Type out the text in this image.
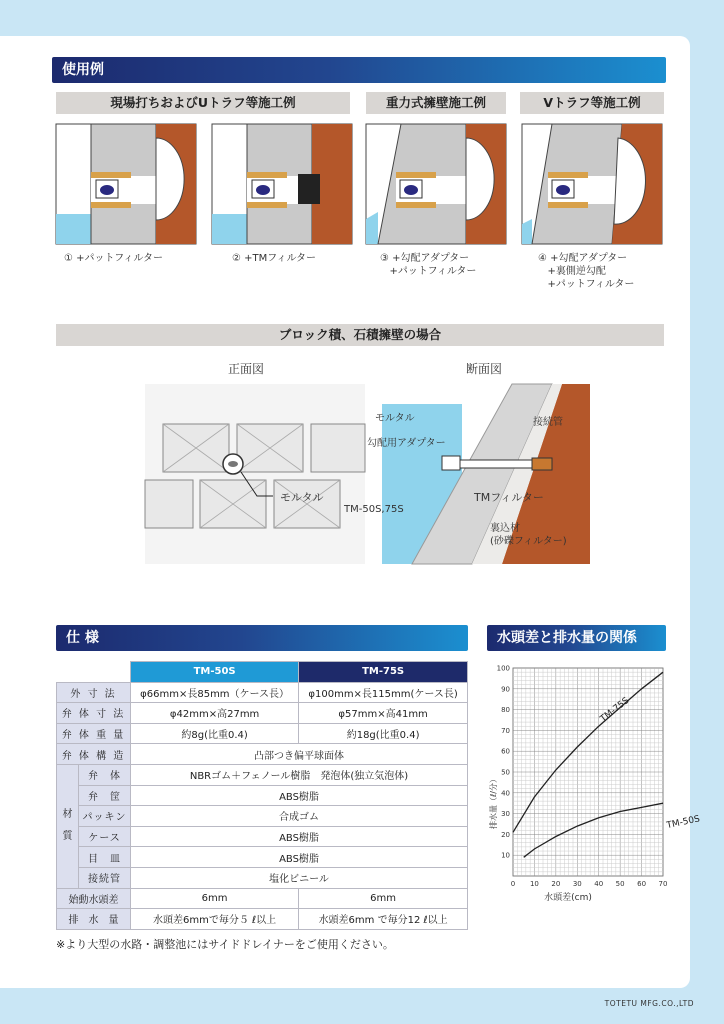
使用例
現場打ちおよびUトラフ等施工例	重力式擁壁施工例	Vトラフ等施工例
① +パットフィルター	② +TMフィルター	③ +勾配アダプター
+パットフィルター
④ +勾配アダプター
+裏側逆勾配
+パットフィルター
ブロック積、石積擁壁の場合
正面図	断面図
モルタル
モルタル
勾配用アダプター
TM-50S,75S
接続管
TMフィルター
裏込材
(砂礫フィルター)
仕 様	水頭差と排水量の関係
		TM-50S	TM-75S
外 寸 法		φ66mm×長85mm（ケース長）	φ100mm×長115mm(ケース長)
弁 体 寸 法		φ42mm×高27mm	φ57mm×高41mm
弁 体 重 量		約8g(比重0.4)	約18g(比重0.4)
弁 体 構 造		凸部つき偏平球面体	
材
質	弁　体	NBRゴム＋フェノール樹脂　発泡体(独立気泡体)	
	弁　筐	ABS樹脂	
	パッキン	合成ゴム	
	ケース	ABS樹脂	
	目　皿	ABS樹脂	
	接続管	塩化ビニール	
始動水頭差		6mm	6mm
排　水　量		水頭差6mmで毎分５ ℓ以上	水頭差6mm で毎分12 ℓ以上
※より大型の水路・調整池にはサイドドレイナーをご使用ください。
0 10 20 30 40 50 60 70
10
20
30
40
50
60
70
80
90
100
水頭差(cm)
排水量（ℓ/分）
TM-75S
TM-50S
TOTETU MFG.CO.,LTD
